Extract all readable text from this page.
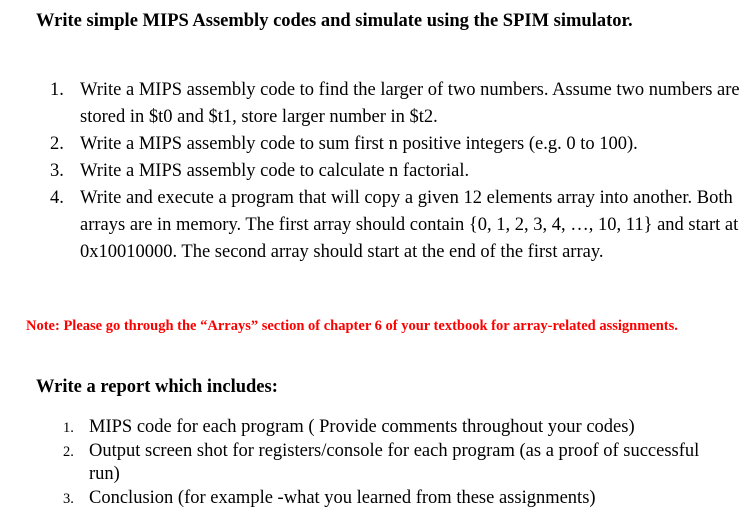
Write simple MIPS Assembly codes and simulate using the SPIM simulator.
1. Write a MIPS assembly code to find the larger of two numbers. Assume two numbers are stored in $t0 and $t1, store larger number in $t2.
2. Write a MIPS assembly code to sum first n positive integers (e.g. 0 to 100).
3. Write a MIPS assembly code to calculate n factorial.
4. Write and execute a program that will copy a given 12 elements array into another. Both arrays are in memory. The first array should contain {0, 1, 2, 3, 4, …, 10, 11} and start at 0x10010000. The second array should start at the end of the first array.
Note: Please go through the “Arrays” section of chapter 6 of your textbook for array-related assignments.
Write a report which includes:
1. MIPS code for each program ( Provide comments throughout your codes)
2. Output screen shot for registers/console for each program (as a proof of successful run)
3. Conclusion (for example -what you learned from these assignments)
